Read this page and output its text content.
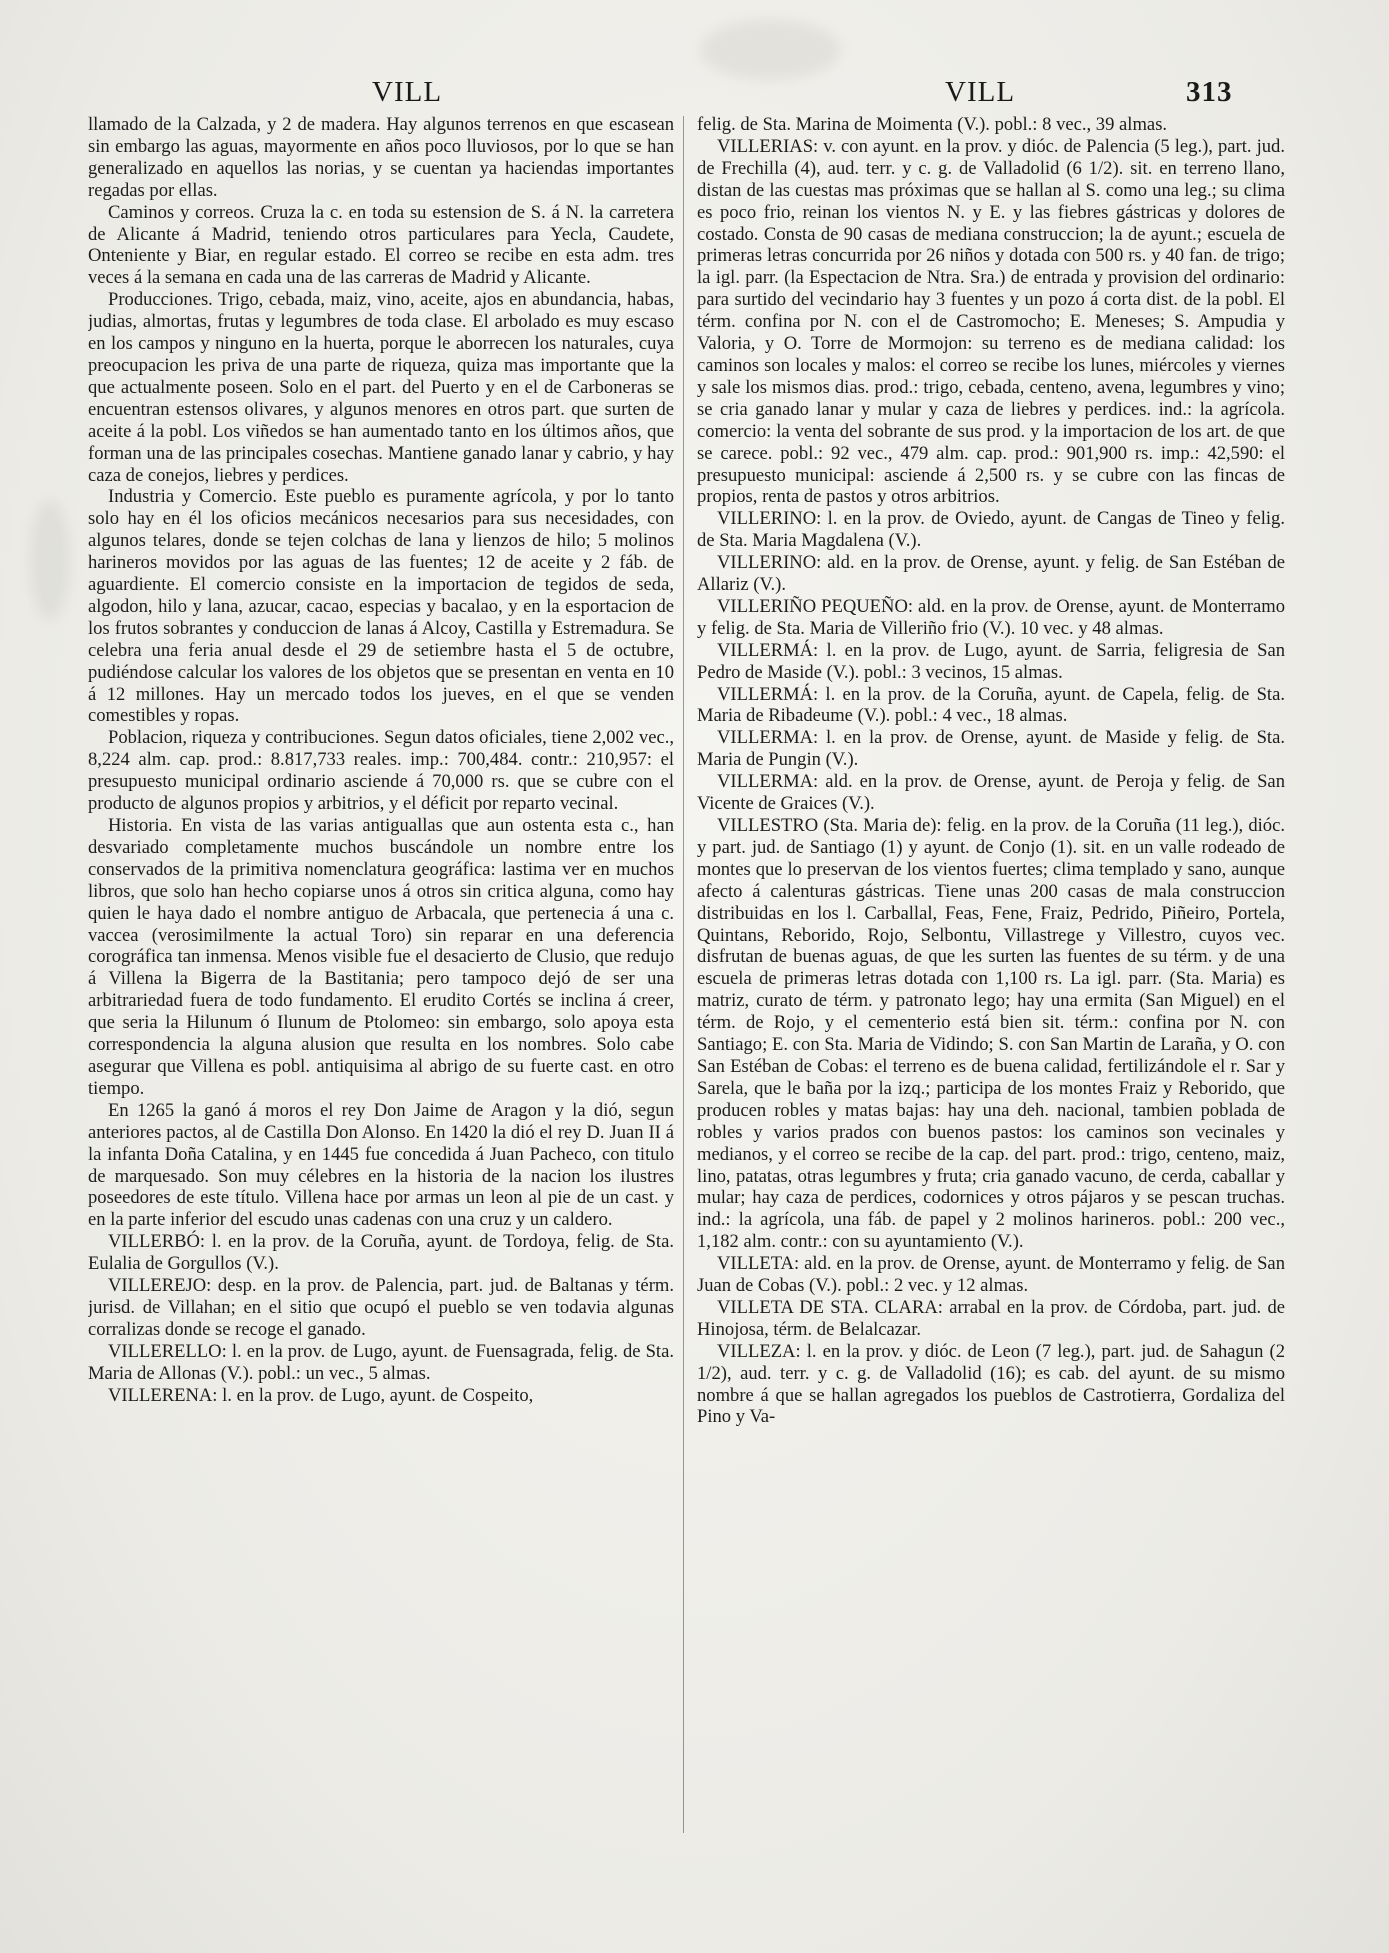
VILL	VILL	313

llamado de la Calzada, y 2 de madera. Hay algunos terrenos en que escasean sin embargo las aguas, mayormente en años poco lluviosos, por lo que se han generalizado en aquellos las norias, y se cuentan ya haciendas importantes regadas por ellas.

Caminos y correos. Cruza la c. en toda su estension de S. á N. la carretera de Alicante á Madrid, teniendo otros particulares para Yecla, Caudete, Onteniente y Biar, en regular estado. El correo se recibe en esta adm. tres veces á la semana en cada una de las carreras de Madrid y Alicante.

Producciones. Trigo, cebada, maiz, vino, aceite, ajos en abundancia, habas, judias, almortas, frutas y legumbres de toda clase. El arbolado es muy escaso en los campos y ninguno en la huerta, porque le aborrecen los naturales, cuya preocupacion les priva de una parte de riqueza, quiza mas importante que la que actualmente poseen. Solo en el part. del Puerto y en el de Carboneras se encuentran estensos olivares, y algunos menores en otros part. que surten de aceite á la pobl. Los viñedos se han aumentado tanto en los últimos años, que forman una de las principales cosechas. Mantiene ganado lanar y cabrio, y hay caza de conejos, liebres y perdices.

Industria y Comercio. Este pueblo es puramente agrícola, y por lo tanto solo hay en él los oficios mecánicos necesarios para sus necesidades, con algunos telares, donde se tejen colchas de lana y lienzos de hilo; 5 molinos harineros movidos por las aguas de las fuentes; 12 de aceite y 2 fáb. de aguardiente. El comercio consiste en la importacion de tegidos de seda, algodon, hilo y lana, azucar, cacao, especias y bacalao, y en la esportacion de los frutos sobrantes y conduccion de lanas á Alcoy, Castilla y Estremadura. Se celebra una feria anual desde el 29 de setiembre hasta el 5 de octubre, pudiéndose calcular los valores de los objetos que se presentan en venta en 10 á 12 millones. Hay un mercado todos los jueves, en el que se venden comestibles y ropas.

Poblacion, riqueza y contribuciones. Segun datos oficiales, tiene 2,002 vec., 8,224 alm. cap. prod.: 8.817,733 reales. imp.: 700,484. contr.: 210,957: el presupuesto municipal ordinario asciende á 70,000 rs. que se cubre con el producto de algunos propios y arbitrios, y el déficit por reparto vecinal.

Historia. En vista de las varias antiguallas que aun ostenta esta c., han desvariado completamente muchos buscándole un nombre entre los conservados de la primitiva nomenclatura geográfica: lastima ver en muchos libros, que solo han hecho copiarse unos á otros sin critica alguna, como hay quien le haya dado el nombre antiguo de Arbacala, que pertenecia á una c. vaccea (verosimilmente la actual Toro) sin reparar en una deferencia corográfica tan inmensa. Menos visible fue el desacierto de Clusio, que redujo á Villena la Bigerra de la Bastitania; pero tampoco dejó de ser una arbitrariedad fuera de todo fundamento. El erudito Cortés se inclina á creer, que seria la Hilunum ó Ilunum de Ptolomeo: sin embargo, solo apoya esta correspondencia la alguna alusion que resulta en los nombres. Solo cabe asegurar que Villena es pobl. antiquisima al abrigo de su fuerte cast. en otro tiempo.

En 1265 la ganó á moros el rey Don Jaime de Aragon y la dió, segun anteriores pactos, al de Castilla Don Alonso. En 1420 la dió el rey D. Juan II á la infanta Doña Catalina, y en 1445 fue concedida á Juan Pacheco, con titulo de marquesado. Son muy célebres en la historia de la nacion los ilustres poseedores de este título. Villena hace por armas un leon al pie de un cast. y en la parte inferior del escudo unas cadenas con una cruz y un caldero.

VILLERBÓ: l. en la prov. de la Coruña, ayunt. de Tordoya, felig. de Sta. Eulalia de Gorgullos (V.).

VILLEREJO: desp. en la prov. de Palencia, part. jud. de Baltanas y térm. jurisd. de Villahan; en el sitio que ocupó el pueblo se ven todavia algunas corralizas donde se recoge el ganado.

VILLERELLO: l. en la prov. de Lugo, ayunt. de Fuensagrada, felig. de Sta. Maria de Allonas (V.). pobl.: un vec., 5 almas.

VILLERENA: l. en la prov. de Lugo, ayunt. de Cospeito,

felig. de Sta. Marina de Moimenta (V.). pobl.: 8 vec., 39 almas.

VILLERIAS: v. con ayunt. en la prov. y dióc. de Palencia (5 leg.), part. jud. de Frechilla (4), aud. terr. y c. g. de Valladolid (6 1/2). sit. en terreno llano, distan de las cuestas mas próximas que se hallan al S. como una leg.; su clima es poco frio, reinan los vientos N. y E. y las fiebres gástricas y dolores de costado. Consta de 90 casas de mediana construccion; la de ayunt.; escuela de primeras letras concurrida por 26 niños y dotada con 500 rs. y 40 fan. de trigo; la igl. parr. (la Espectacion de Ntra. Sra.) de entrada y provision del ordinario: para surtido del vecindario hay 3 fuentes y un pozo á corta dist. de la pobl. El térm. confina por N. con el de Castromocho; E. Meneses; S. Ampudia y Valoria, y O. Torre de Mormojon: su terreno es de mediana calidad: los caminos son locales y malos: el correo se recibe los lunes, miércoles y viernes y sale los mismos dias. prod.: trigo, cebada, centeno, avena, legumbres y vino; se cria ganado lanar y mular y caza de liebres y perdices. ind.: la agrícola. comercio: la venta del sobrante de sus prod. y la importacion de los art. de que se carece. pobl.: 92 vec., 479 alm. cap. prod.: 901,900 rs. imp.: 42,590: el presupuesto municipal: asciende á 2,500 rs. y se cubre con las fincas de propios, renta de pastos y otros arbitrios.

VILLERINO: l. en la prov. de Oviedo, ayunt. de Cangas de Tineo y felig. de Sta. Maria Magdalena (V.).

VILLERINO: ald. en la prov. de Orense, ayunt. y felig. de San Estéban de Allariz (V.).

VILLERIÑO PEQUEÑO: ald. en la prov. de Orense, ayunt. de Monterramo y felig. de Sta. Maria de Villeriño frio (V.). 10 vec. y 48 almas.

VILLERMÁ: l. en la prov. de Lugo, ayunt. de Sarria, feligresia de San Pedro de Maside (V.). pobl.: 3 vecinos, 15 almas.

VILLERMÁ: l. en la prov. de la Coruña, ayunt. de Capela, felig. de Sta. Maria de Ribadeume (V.). pobl.: 4 vec., 18 almas.

VILLERMA: l. en la prov. de Orense, ayunt. de Maside y felig. de Sta. Maria de Pungin (V.).

VILLERMA: ald. en la prov. de Orense, ayunt. de Peroja y felig. de San Vicente de Graices (V.).

VILLESTRO (Sta. Maria de): felig. en la prov. de la Coruña (11 leg.), dióc. y part. jud. de Santiago (1) y ayunt. de Conjo (1). sit. en un valle rodeado de montes que lo preservan de los vientos fuertes; clima templado y sano, aunque afecto á calenturas gástricas. Tiene unas 200 casas de mala construccion distribuidas en los l. Carballal, Feas, Fene, Fraiz, Pedrido, Piñeiro, Portela, Quintans, Reborido, Rojo, Selbontu, Villastrege y Villestro, cuyos vec. disfrutan de buenas aguas, de que les surten las fuentes de su térm. y de una escuela de primeras letras dotada con 1,100 rs. La igl. parr. (Sta. Maria) es matriz, curato de térm. y patronato lego; hay una ermita (San Miguel) en el térm. de Rojo, y el cementerio está bien sit. térm.: confina por N. con Santiago; E. con Sta. Maria de Vidindo; S. con San Martin de Laraña, y O. con San Estéban de Cobas: el terreno es de buena calidad, fertilizándole el r. Sar y Sarela, que le baña por la izq.; participa de los montes Fraiz y Reborido, que producen robles y matas bajas: hay una deh. nacional, tambien poblada de robles y varios prados con buenos pastos: los caminos son vecinales y medianos, y el correo se recibe de la cap. del part. prod.: trigo, centeno, maiz, lino, patatas, otras legumbres y fruta; cria ganado vacuno, de cerda, caballar y mular; hay caza de perdices, codornices y otros pájaros y se pescan truchas. ind.: la agrícola, una fáb. de papel y 2 molinos harineros. pobl.: 200 vec., 1,182 alm. contr.: con su ayuntamiento (V.).

VILLETA: ald. en la prov. de Orense, ayunt. de Monterramo y felig. de San Juan de Cobas (V.). pobl.: 2 vec. y 12 almas.

VILLETA DE STA. CLARA: arrabal en la prov. de Córdoba, part. jud. de Hinojosa, térm. de Belalcazar.

VILLEZA: l. en la prov. y dióc. de Leon (7 leg.), part. jud. de Sahagun (2 1/2), aud. terr. y c. g. de Valladolid (16); es cab. del ayunt. de su mismo nombre á que se hallan agregados los pueblos de Castrotierra, Gordaliza del Pino y Va-
